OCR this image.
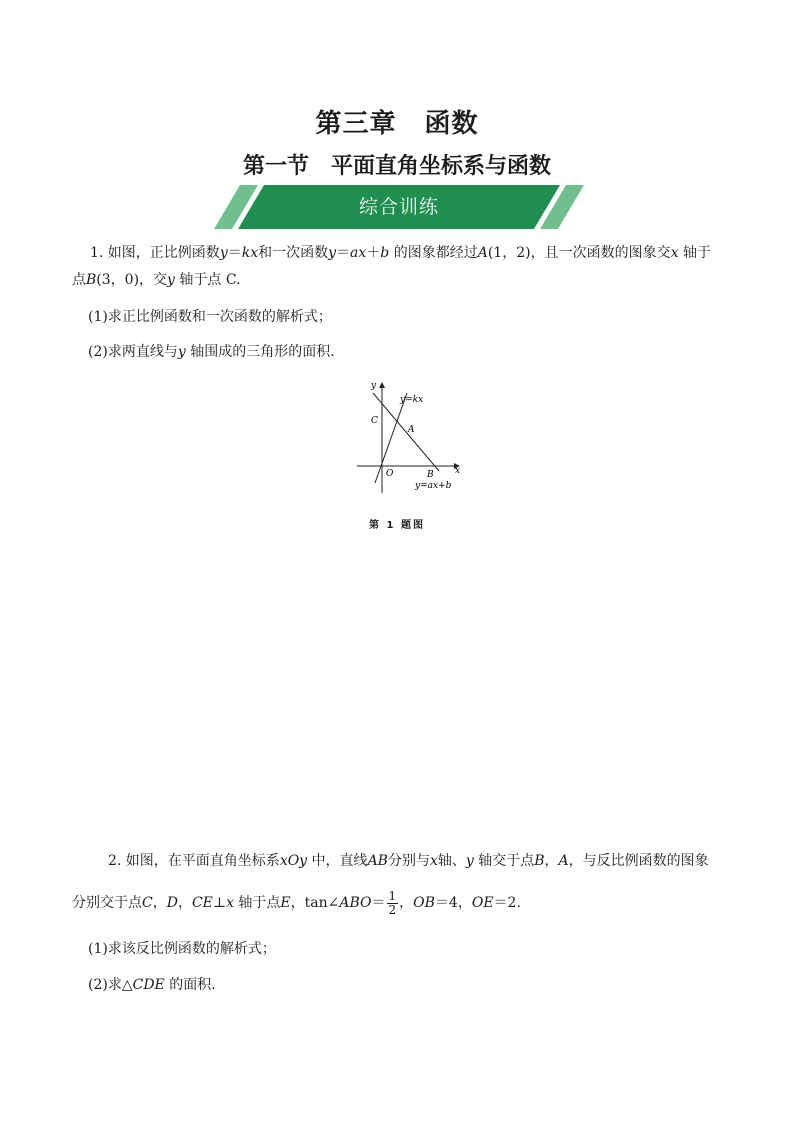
第三章 函数
第一节 平面直角坐标系与函数
综合训练
1. 如图，正比例函数y＝kx和一次函数y＝ax＋b 的图象都经过A(1，2)，且一次函数的图象交x 轴于
点B(3，0)，交y 轴于点 C.
(1)求正比例函数和一次函数的解析式；
(2)求两直线与y 轴围成的三角形的面积．
x
y
O
A
B
C
y=kx
y=ax+b
第 1 题图
2. 如图，在平面直角坐标系xOy 中，直线AB分别与x轴、y 轴交于点B，A，与反比例函数的图象
分别交于点C，D，CE⊥x 轴于点E，tan∠ABO＝ $\frac{1}{2}$ ，OB＝4，OE＝2.
(1)求该反比例函数的解析式；
(2)求△CDE 的面积．
